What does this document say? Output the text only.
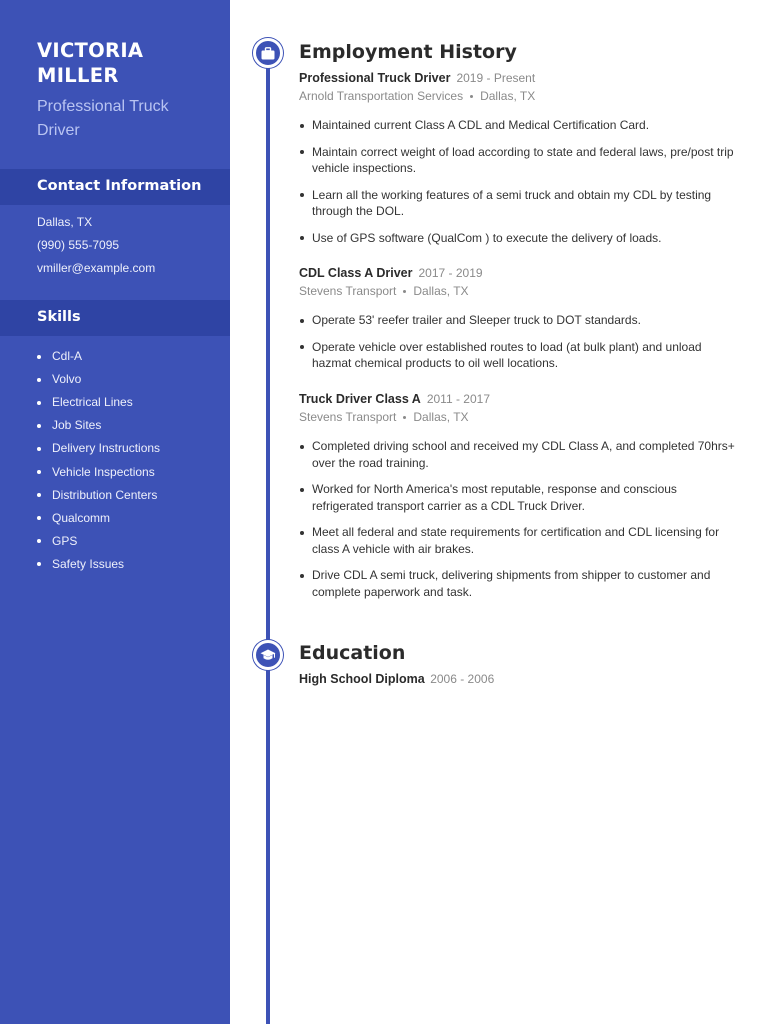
VICTORIA MILLER
Professional Truck Driver
Contact Information
Dallas, TX
(990) 555-7095
vmiller@example.com
Skills
Cdl-A
Volvo
Electrical Lines
Job Sites
Delivery Instructions
Vehicle Inspections
Distribution Centers
Qualcomm
GPS
Safety Issues
Employment History
Professional Truck Driver 2019 - Present
Arnold Transportation Services Dallas, TX
Maintained current Class A CDL and Medical Certification Card.
Maintain correct weight of load according to state and federal laws, pre/post trip vehicle inspections.
Learn all the working features of a semi truck and obtain my CDL by testing through the DOL.
Use of GPS software (QualCom ) to execute the delivery of loads.
CDL Class A Driver 2017 - 2019
Stevens Transport Dallas, TX
Operate 53' reefer trailer and Sleeper truck to DOT standards.
Operate vehicle over established routes to load (at bulk plant) and unload hazmat chemical products to oil well locations.
Truck Driver Class A 2011 - 2017
Stevens Transport Dallas, TX
Completed driving school and received my CDL Class A, and completed 70hrs+ over the road training.
Worked for North America's most reputable, response and conscious refrigerated transport carrier as a CDL Truck Driver.
Meet all federal and state requirements for certification and CDL licensing for class A vehicle with air brakes.
Drive CDL A semi truck, delivering shipments from shipper to customer and complete paperwork and task.
Education
High School Diploma 2006 - 2006
